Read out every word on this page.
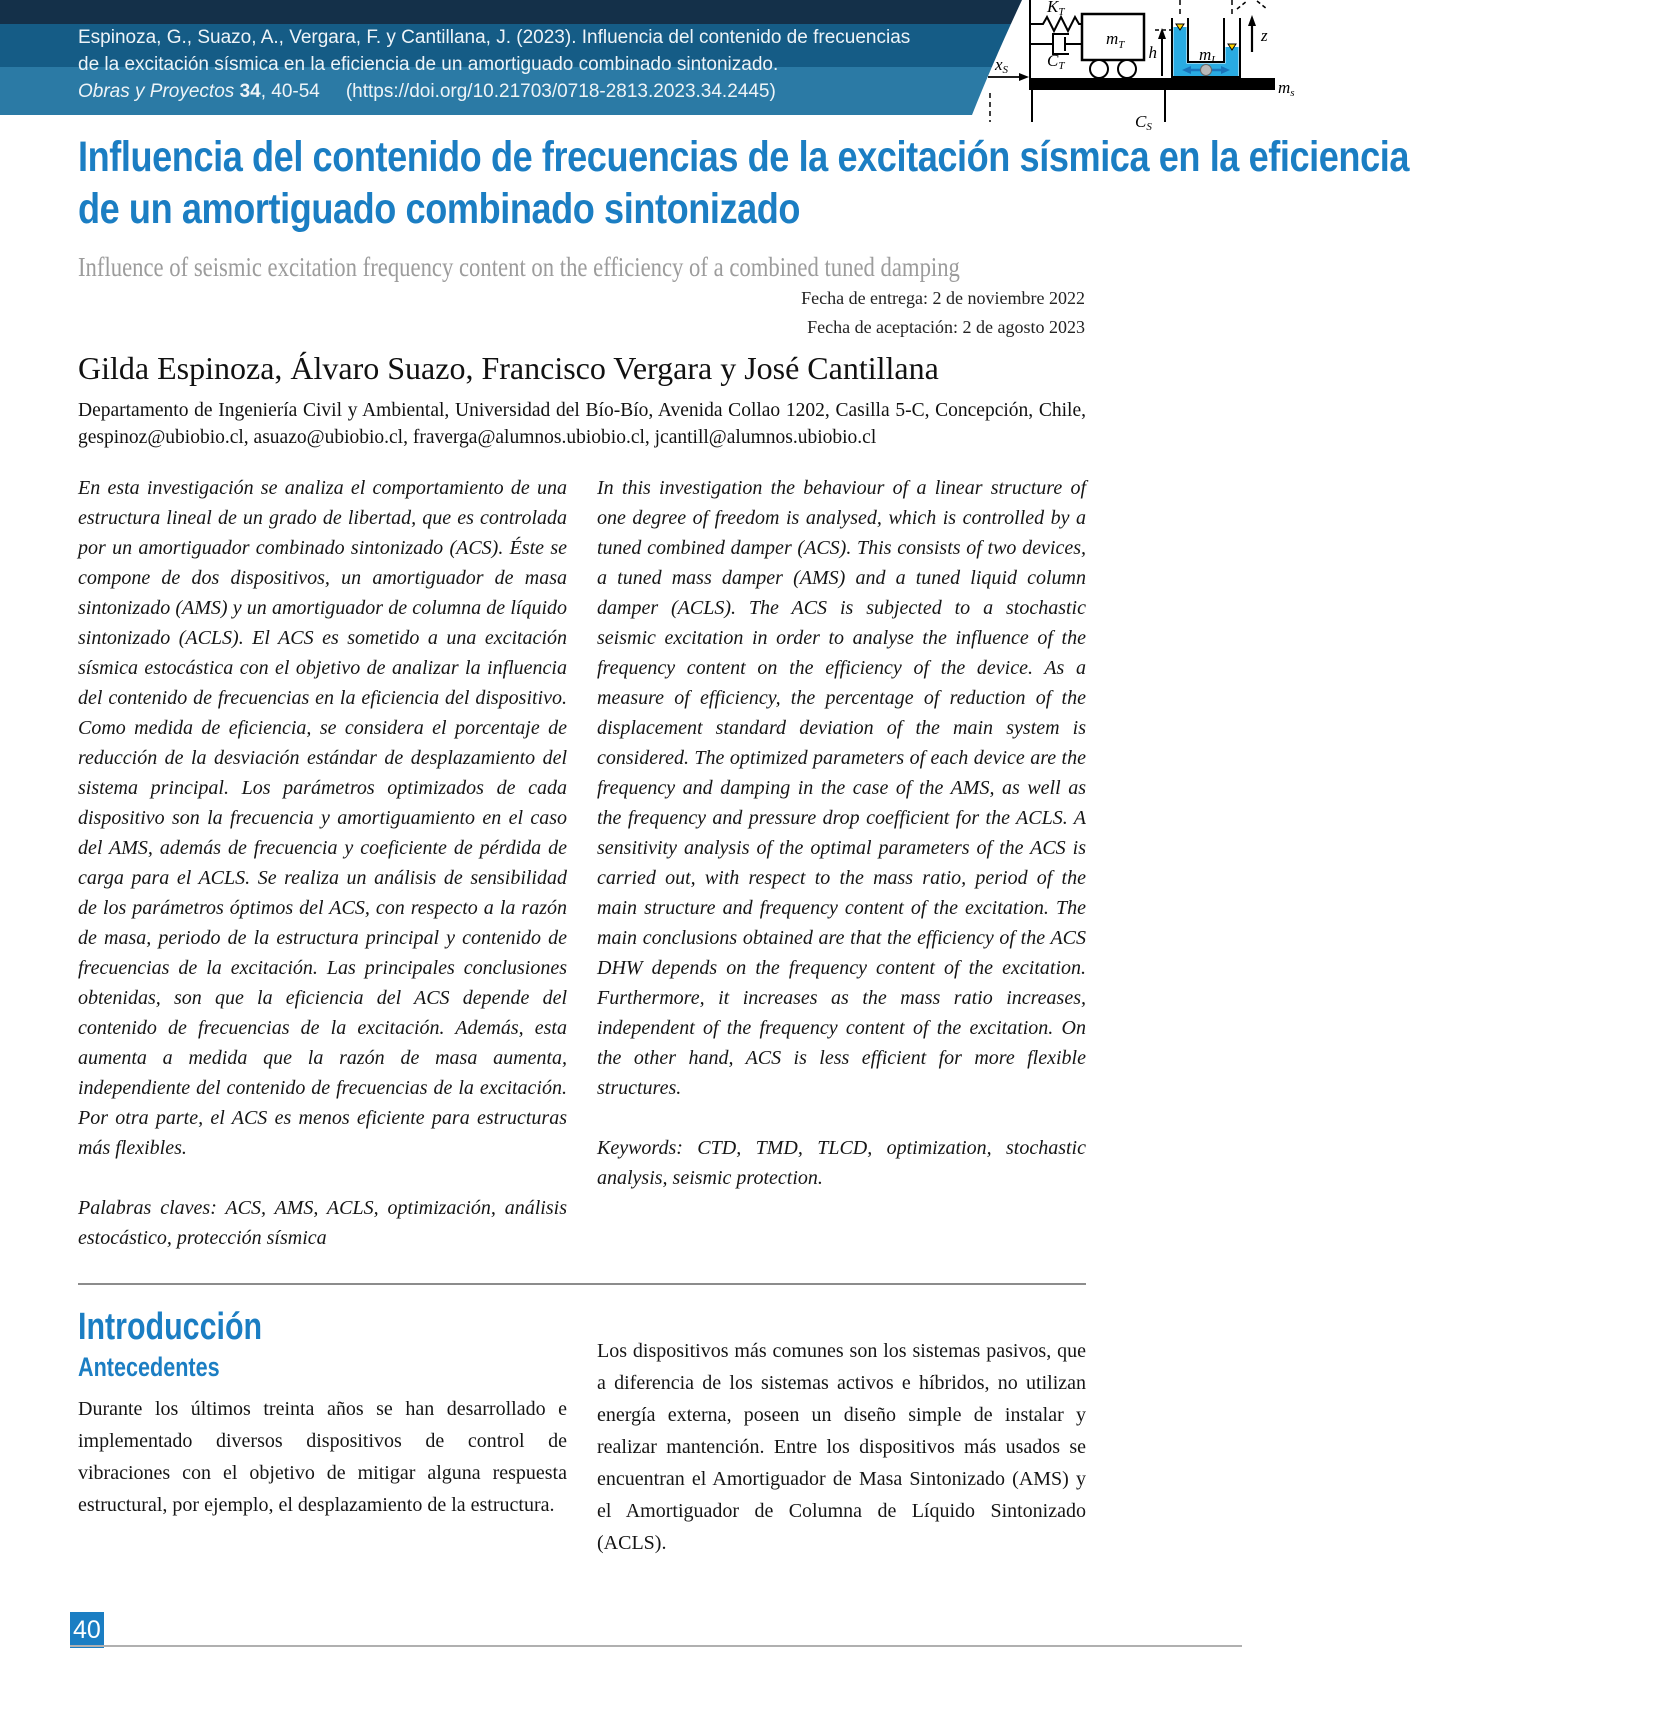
Espinoza, G., Suazo, A., Vergara, F. y Cantillana, J. (2023). Influencia del contenido de frecuencias
de la excitación sísmica en la eficiencia de un amortiguado combinado sintonizado.
Obras y Proyectos 34, 40-54 (https://doi.org/10.21703/0718-2813.2023.34.2445)
KT
CT
$m_T$ h mL
z
ms
xS
CS
Influencia del contenido de frecuencias de la excitación sísmica en la eficiencia
de un amortiguado combinado sintonizado
Influence of seismic excitation frequency content on the efficiency of a combined tuned damping
Fecha de entrega: 2 de noviembre 2022
Fecha de aceptación: 2 de agosto 2023
Gilda Espinoza, Álvaro Suazo, Francisco Vergara y José Cantillana
Departamento de Ingeniería Civil y Ambiental, Universidad del Bío-Bío, Avenida Collao 1202, Casilla 5-C, Concepción, Chile, gespinoz@ubiobio.cl, asuazo@ubiobio.cl, fraverga@alumnos.ubiobio.cl, jcantill@alumnos.ubiobio.cl

En esta investigación se analiza el comportamiento de una estructura lineal de un grado de libertad, que es controlada por un amortiguador combinado sintonizado (ACS). Éste se compone de dos dispositivos, un amortiguador de masa sintonizado (AMS) y un amortiguador de columna de líquido sintonizado (ACLS). El ACS es sometido a una excitación sísmica estocástica con el objetivo de analizar la influencia del contenido de frecuencias en la eficiencia del dispositivo. Como medida de eficiencia, se considera el porcentaje de reducción de la desviación estándar de desplazamiento del sistema principal. Los parámetros optimizados de cada dispositivo son la frecuencia y amortiguamiento en el caso del AMS, además de frecuencia y coeficiente de pérdida de carga para el ACLS. Se realiza un análisis de sensibilidad de los parámetros óptimos del ACS, con respecto a la razón de masa, periodo de la estructura principal y contenido de frecuencias de la excitación. Las principales conclusiones obtenidas, son que la eficiencia del ACS depende del contenido de frecuencias de la excitación. Además, esta aumenta a medida que la razón de masa aumenta, independiente del contenido de frecuencias de la excitación. Por otra parte, el ACS es menos eficiente para estructuras más flexibles.

Palabras claves: ACS, AMS, ACLS, optimización, análisis estocástico, protección sísmica

In this investigation the behaviour of a linear structure of one degree of freedom is analysed, which is controlled by a tuned combined damper (ACS). This consists of two devices, a tuned mass damper (AMS) and a tuned liquid column damper (ACLS). The ACS is subjected to a stochastic seismic excitation in order to analyse the influence of the frequency content on the efficiency of the device. As a measure of efficiency, the percentage of reduction of the displacement standard deviation of the main system is considered. The optimized parameters of each device are the frequency and damping in the case of the AMS, as well as the frequency and pressure drop coefficient for the ACLS. A sensitivity analysis of the optimal parameters of the ACS is carried out, with respect to the mass ratio, period of the main structure and frequency content of the excitation. The main conclusions obtained are that the efficiency of the ACS DHW depends on the frequency content of the excitation. Furthermore, it increases as the mass ratio increases, independent of the frequency content of the excitation. On the other hand, ACS is less efficient for more flexible structures.

Keywords: CTD, TMD, TLCD, optimization, stochastic analysis, seismic protection.

Introducción
Antecedentes

Durante los últimos treinta años se han desarrollado e implementado diversos dispositivos de control de vibraciones con el objetivo de mitigar alguna respuesta estructural, por ejemplo, el desplazamiento de la estructura.

Los dispositivos más comunes son los sistemas pasivos, que a diferencia de los sistemas activos e híbridos, no utilizan energía externa, poseen un diseño simple de instalar y realizar mantención. Entre los dispositivos más usados se encuentran el Amortiguador de Masa Sintonizado (AMS) y el Amortiguador de Columna de Líquido Sintonizado (ACLS).

40
